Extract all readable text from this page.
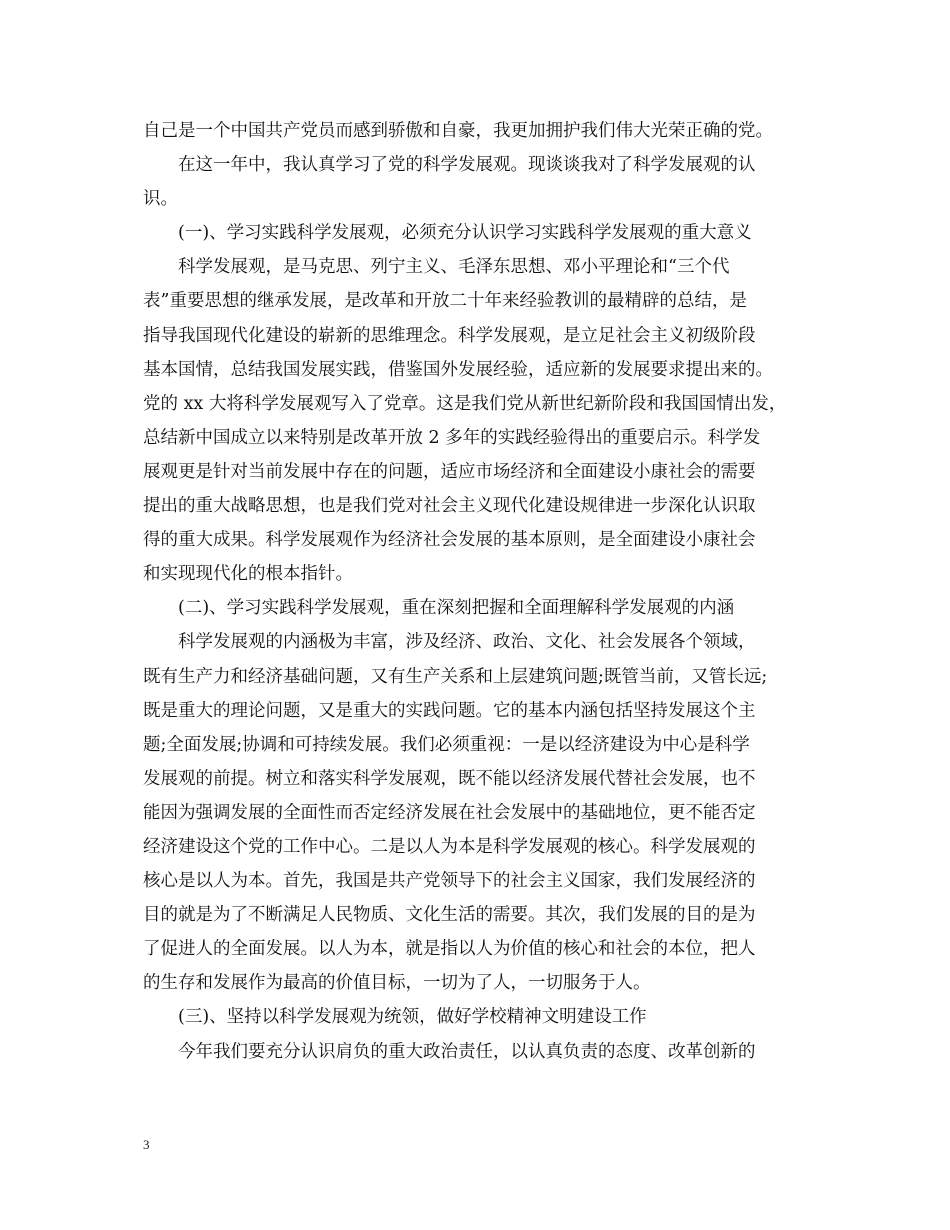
自己是一个中国共产党员而感到骄傲和自豪，我更加拥护我们伟大光荣正确的党。
在这一年中，我认真学习了党的科学发展观。现谈谈我对了科学发展观的认
识。
(一)、学习实践科学发展观，必须充分认识学习实践科学发展观的重大意义
科学发展观，是马克思、列宁主义、毛泽东思想、邓小平理论和“三个代
表”重要思想的继承发展，是改革和开放二十年来经验教训的最精辟的总结，是
指导我国现代化建设的崭新的思维理念。科学发展观，是立足社会主义初级阶段
基本国情，总结我国发展实践，借鉴国外发展经验，适应新的发展要求提出来的。
党的 xx 大将科学发展观写入了党章。这是我们党从新世纪新阶段和我国国情出发，
总结新中国成立以来特别是改革开放 2 多年的实践经验得出的重要启示。科学发
展观更是针对当前发展中存在的问题，适应市场经济和全面建设小康社会的需要
提出的重大战略思想，也是我们党对社会主义现代化建设规律进一步深化认识取
得的重大成果。科学发展观作为经济社会发展的基本原则，是全面建设小康社会
和实现现代化的根本指针。
(二)、学习实践科学发展观，重在深刻把握和全面理解科学发展观的内涵
科学发展观的内涵极为丰富，涉及经济、政治、文化、社会发展各个领域，
既有生产力和经济基础问题，又有生产关系和上层建筑问题;既管当前，又管长远;
既是重大的理论问题，又是重大的实践问题。它的基本内涵包括坚持发展这个主
题;全面发展;协调和可持续发展。我们必须重视：一是以经济建设为中心是科学
发展观的前提。树立和落实科学发展观，既不能以经济发展代替社会发展，也不
能因为强调发展的全面性而否定经济发展在社会发展中的基础地位，更不能否定
经济建设这个党的工作中心。二是以人为本是科学发展观的核心。科学发展观的
核心是以人为本。首先，我国是共产党领导下的社会主义国家，我们发展经济的
目的就是为了不断满足人民物质、文化生活的需要。其次，我们发展的目的是为
了促进人的全面发展。以人为本，就是指以人为价值的核心和社会的本位，把人
的生存和发展作为最高的价值目标，一切为了人，一切服务于人。
(三)、坚持以科学发展观为统领，做好学校精神文明建设工作
今年我们要充分认识肩负的重大政治责任，以认真负责的态度、改革创新的
3
